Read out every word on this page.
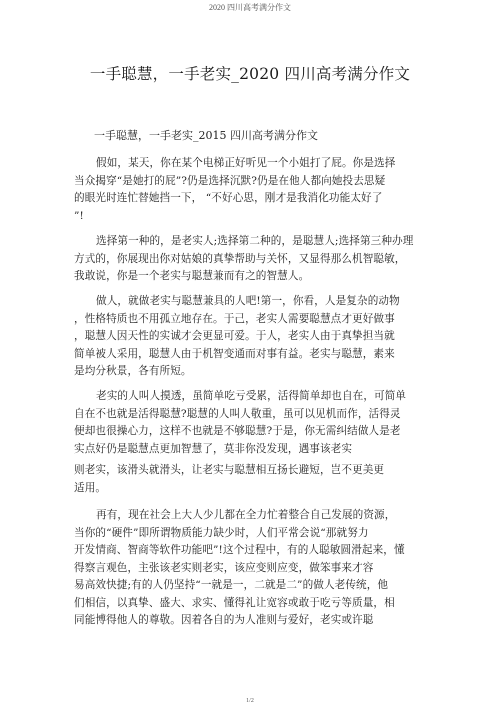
2020 四川高考满分作文
一手聪慧，一手老实_2020 四川高考满分作文
一手聪慧，一手老实_2015 四川高考满分作文
假如，某天，你在某个电梯正好听见一个小姐打了屁。你是选择
当众揭穿“是她打的屁”?仍是选择沉默?仍是在他人都向她投去思疑
的眼光时连忙替她挡一下， “不好心思，刚才是我消化功能太好了
”!
选择第一种的，是老实人;选择第二种的，是聪慧人;选择第三种办理
方式的，你展现出你对姑娘的真挚帮助与关怀，又显得那么机智聪敏，
我敢说，你是一个老实与聪慧兼而有之的智慧人。
做人，就做老实与聪慧兼具的人吧!第一，你看，人是复杂的动物
，性格特质也不用孤立地存在。于己，老实人需要聪慧点才更好做事
，聪慧人因天性的实诚才会更显可爱。于人，老实人由于真挚担当就
简单被人采用，聪慧人由于机智变通而对事有益。老实与聪慧，素来
是均分秋景，各有所短。
老实的人叫人摸透，虽简单吃亏受累，活得简单却也自在，可简单
自在不也就是活得聪慧?聪慧的人叫人敬重，虽可以见机而作，活得灵
便却也很操心力，这样不也就是不够聪慧?于是，你无需纠结做人是老
实点好仍是聪慧点更加智慧了，莫非你没发现，遇事该老实
则老实，该滑头就滑头，让老实与聪慧相互扬长避短，岂不更美更
适用。
再有，现在社会上大人少儿都在全力忙着整合自己发展的资源，
当你的“硬件”即所谓物质能力缺少时，人们平常会说“那就努力
开发情商、智商等软件功能吧”!这个过程中，有的人聪敏圆滑起来，懂
得察言观色，主张该老实则老实，该应变则应变，做笨事来才容
易高效快捷;有的人仍坚持“一就是一，二就是二”的做人老传统，他
们相信，以真挚、盛大、求实、懂得礼让宽容或敢于吃亏等质量，相
同能博得他人的尊敬。因着各自的为人准则与爱好，老实或许聪
1/2
